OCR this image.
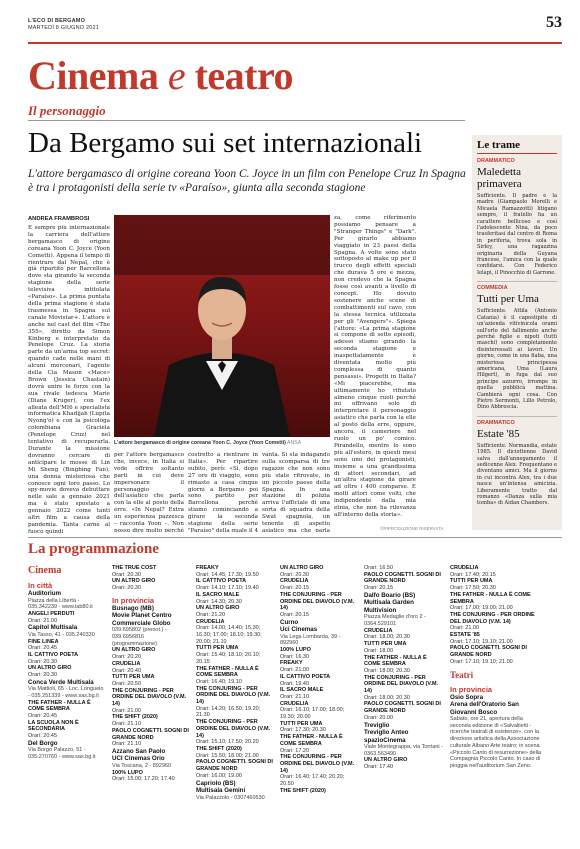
L'ECO DI BERGAMO
MARTEDÌ 8 GIUGNO 2021	53
Cinema e teatro
Il personaggio
Da Bergamo sui set internazionali
L'attore bergamasco di origine coreana Yoon C. Joyce in un film con Penelope Cruz In Spagna è tra i protagonisti della serie tv «Paraíso», giunta alla seconda stagione
ANDREA FRAMBROSI
È sempre più internazionale la carriera dell'attore bergamasco di origine coreana Yoon C. Joyce (Yoon Cometti). Appena il tempo di rientrare dal Nepal, che è già ripartito per Barcellona dove sta girando la seconda stagione della serie televisiva intitolata «Paraíso». La prima puntata della prima stagione è stata trasmessa in Spagna sul canale Movistar+. L'attore è anche nel cast del film «The 355», diretto da Simon Kinberg e interpretato da Penelope Cruz. La storia parte da un'arma top secret: quando cade nelle mani di alcuni mercenari, l'agente della Cia Mason «Mace» Brown (Jessica Chastain) dovrà unire le forze con la sua rivale tedesca Marie (Diane Kruger), con l'ex alleata dell'MI6 e specialista informatica Khadijah (Lupita Nyong'o) e con la psicologa colombiana Graciela (Penelope Cruz) nel tentativo di recuperarla. Durante la missione dovranno cercare di anticipare le mosse di Lin Mi Sheng (Bingbing Fan), una donna misteriosa che conosce ogni loro passo. Lo spy-movie doveva debuttare nelle sale a gennaio 2021 ma è stato spostato a gennaio 2022 come tanti altri film a causa della pandemia. Tanta carne al fuoco quindi
L'attore bergamasco di origine coreana Yoon C. Joyce (Yoon Cometti) ANSA
per l'attore bergamasco che, invece, in Italia si vede offrire soltanto parti in cui deve impersonare il personaggio dell'asiatico che parla con la elle al posto della erre. «In Nepal? Extra un esperienza pazzesca – racconta Yoon –. Non posso dire molto perché
costretto a rientrare in Italia». Per ripartire subito, però: «Sì, dopo 27 ore di viaggio, sono rimasto a casa cinque giorni a Bergamo poi sono partito per Barcellona perché stiamo cominciando a girare la seconda stagione della serie "Paraíso" della quale il 4
vanta. Si sta indagando sulla scomparsa di tre ragazze che non sono più state ritrovate, in un piccolo paese della Spagna. In una stazione di polizia arriva l'ufficiale di una sorta di squadra della Swat spagnola, un tenente di aspetto asiatico ma che parla
za, come riferimento possiamo pensare a "Stranger Things" e "Dark". Per girarlo abbiamo viaggiato in 23 paesi della Spagna. A volte sono stato sottoposto al make up per il trucco degli effetti speciali che durava 5 ore e mezza, non credevo che la Spagna fosse così avanti a livello di concept. Ho dovuto sostenere anche scene di combattimenti sul cavo, con la stessa tecnica utilizzata per gli "Avengers"». Spiega l'attore: «La prima stagione si compone di sette episodi, adesso stiamo girando la seconda stagione e inaspettatamente è diventata molto più complessa di quanto pensassi». Progetti in Italia? «Mi piacerebbe, ma ultimamente ho rifiutato almeno cinque ruoli perché mi offrivano solo di interpretare il personaggio asiatico che parla con la elle al posto della erre, oppure, ancora, il cameriere nel ruolo un po' comico. Pirandello, mentre lo sono più all'estero, in questi mesi sono uno dei protagonisti, insieme a una grandissima di attori secondari, ad un'altra stagione da girare ad oltre i 400 comparse. E molti attori come volti, che indipendente dalla mia etnia, che non ha rilevanza all'interno della storia».
©RIPRODUZIONE RISERVATA
Le trame
DRAMMATICO
Maledetta primavera
Sufficiente. Il padre e la madre (Giampaolo Morelli e Micaela Ramazzotti) litigano sempre, il fratello ha un carattere bellicoso e così l'adolescente Nina, da poco trasferitasi dal centro di Roma in periferia, trova sola in Sirley, una ragazzina originaria della Guyana francese, l'amica con la quale confidarsi. Con Federico Ielapi, il Pinocchio di Garrone.
COMMEDIA
Tutti per Uma
Sufficiente. Attila (Antonio Catania) è il capostipite di un'azienda vitivinicola orami sull'orlo del fallimento anche perché figlie e nipoti (tutti maschi) sono completamente disinteressati ai lavori. Un giorno, come in una fiaba, una misteriosa principessa americana, Uma (Laura Hilgert), in fuga dal suo principe azzurro, irrompe in quella pubblicà mattina. Cambierà ogni cosa. Con Pietro Sermonti, Lillo Petrolo, Dino Abbrescia.
DRAMMATICO
Estate '85
Sufficiente. Normandia, estate 1985. Il diciottenne David salva dall'annegamento il sedicenne Alex. Frequentano e diventano amici. Ma il giorno in cui incontra Alex, tra i due nasce un'intensa amicizia. Liberamente tratto dal romanzo «Danza sulla mia tomba» di Aidan Chambers.
La programmazione
Cinema
In città
Auditorium
Piazza della Libertà - 035.342239 - www.lab80.it
ANGELI PERDUTI
Orari: 21.00
Capitol Multisala
Via Tasso, 41 - 035.240330
FINE LINEA
Orari: 20.45
IL CATTIVO POETA
Orari: 20.30
UN ALTRO GIRO
Orari: 20.30
Conca Verde Multisala
Via Mattioli, 65 - Loc. Longuelo - 035.251339 - www.sas.bg.it
THE FATHER - NULLA È COME SEMBRA
Orari: 20.45
LA SCUOLA NON È SECONDARIA
Orari: 20.45
Del Borgo
Via Borgo Palazzo, 51 - 035.270760 - www.sas.bg.it
THE TRUE COST
Orari: 20.30
UN ALTRO GIRO
Orari: 20.30
In provincia
Busnago (MB)
Movie Planet Centro Commerciale Globo
039.695802 (prenot.) - 039.6956816 (programmazione)
UN ALTRO GIRO
Orari: 20.20
CRUDELIA
Orari: 20.40
TUTTI PER UMA
Orari: 20.50
THE CONJURING - PER ORDINE DEL DIAVOLO (V.M. 14)
Orari: 21.00
THE SHIFT (2020)
Orari: 21.10
PAOLO COGNETTI. SOGNI DI GRANDE NORD
Orari: 21.10
Azzano San Paolo
UCI Cinemas Orio
Via Toscana, 2 - 892960
100% LUPO
Orari: 15.00; 17.20; 17.40
FREAKY
Orari: 14.45; 17.30; 19.50
IL CATTIVO POETA
Orari: 14.10; 17.10; 19.40
IL SACRO MALE
Orari: 14.30; 20.30
UN ALTRO GIRO
Orari: 21.20
CRUDELIA
Orari: 14.00; 14.40; 15.30; 16.30; 17.00; 18.10; 19.30; 20.00; 21.10
TUTTI PER UMA
Orari: 15.40; 18.10; 20.10; 20.15
THE FATHER - NULLA È COME SEMBRA
Orari: 16.40; 19.10
THE CONJURING - PER ORDINE DEL DIAVOLO (V.M. 14)
Orari: 14.20; 16.50; 19.20; 21.30
THE CONJURING - PER ORDINE DEL DIAVOLO (V.M. 14)
Orari: 15.10; 17.50; 20.20
THE SHIFT (2020)
Orari: 15.50; 18.00; 21.00
PAOLO COGNETTI. SOGNI DI GRANDE NORD
Orari: 16.00; 19.00
Capriolo (BS)
Multisala Gemini
Via Palazzolo - 0307460530
UN ALTRO GIRO
Orari: 20.30
CRUDELIA
Orari: 20.15
THE CONJURING - PER ORDINE DEL DIAVOLO (V.M. 14)
Orari: 20.15
Curno
Uci Cinemas
Via Lega Lombarda, 39 - 892960
100% LUPO
Orari: 16.30
FREAKY
Orari: 21.00
IL CATTIVO POETA
Orari: 19.40
IL SACRO MALE
Orari: 21.10
CRUDELIA
Orari: 16.10; 17.00; 18.00; 19.30; 20.00
TUTTI PER UMA
Orari: 17.30; 20.30
THE FATHER - NULLA È COME SEMBRA
Orari: 17.20
THE CONJURING - PER ORDINE DEL DIAVOLO (V.M. 14)
Orari: 16.40; 17.40; 20.20; 20.50
THE SHIFT (2020)
Orari: 16.50
PAOLO COGNETTI. SOGNI DI GRANDE NORD
Orari: 20.15
Dalfo Boario (BS)
Multisala Garden Multivision
Piazza Medaglie d'oro 2 - 0364.529101
CRUDELIA
Orari: 18.00; 20.30
TUTTI PER UMA
Orari: 18.00
THE FATHER - NULLA È COME SEMBRA
Orari: 18.00; 20.30
THE CONJURING - PER ORDINE DEL DIAVOLO (V.M. 14)
Orari: 18.00; 20.30
PAOLO COGNETTI. SOGNI DI GRANDE NORD
Orari: 20.00
Treviglio
Treviglio Anteo spazioCinema
Viale Montegrappa, via Torriani - 0363.563490
UN ALTRO GIRO
Orari: 17.40
CRUDELIA
Orari: 17.40; 20.15
TUTTI PER UMA
Orari: 17.50; 20.30
THE FATHER - NULLA È COME SEMBRA
Orari: 17.00; 19.00; 21.00
THE CONJURING - PER ORDINE DEL DIAVOLO (V.M. 14)
Orari: 21.00
ESTATE '85
Orari: 17.10; 19.10; 21.00
PAOLO COGNETTI. SOGNI DI GRANDE NORD
Orari: 17.10; 19.10; 21.00
Teatri
In provincia
Osio Sopra
Arena dell'Oratorio San Giovanni Bosco
Sabato, ore 21, apertura della seconda edizione di «Salvaliletti - ricerche teatrali di esistenze», con la direzione artistica della Associazione culturale Albano Arte teatro; in scena «Piccolo Canto di resurrezione» della Compagnia Piccolo Canto. In caso di pioggia nell'auditorium San Zeno.
